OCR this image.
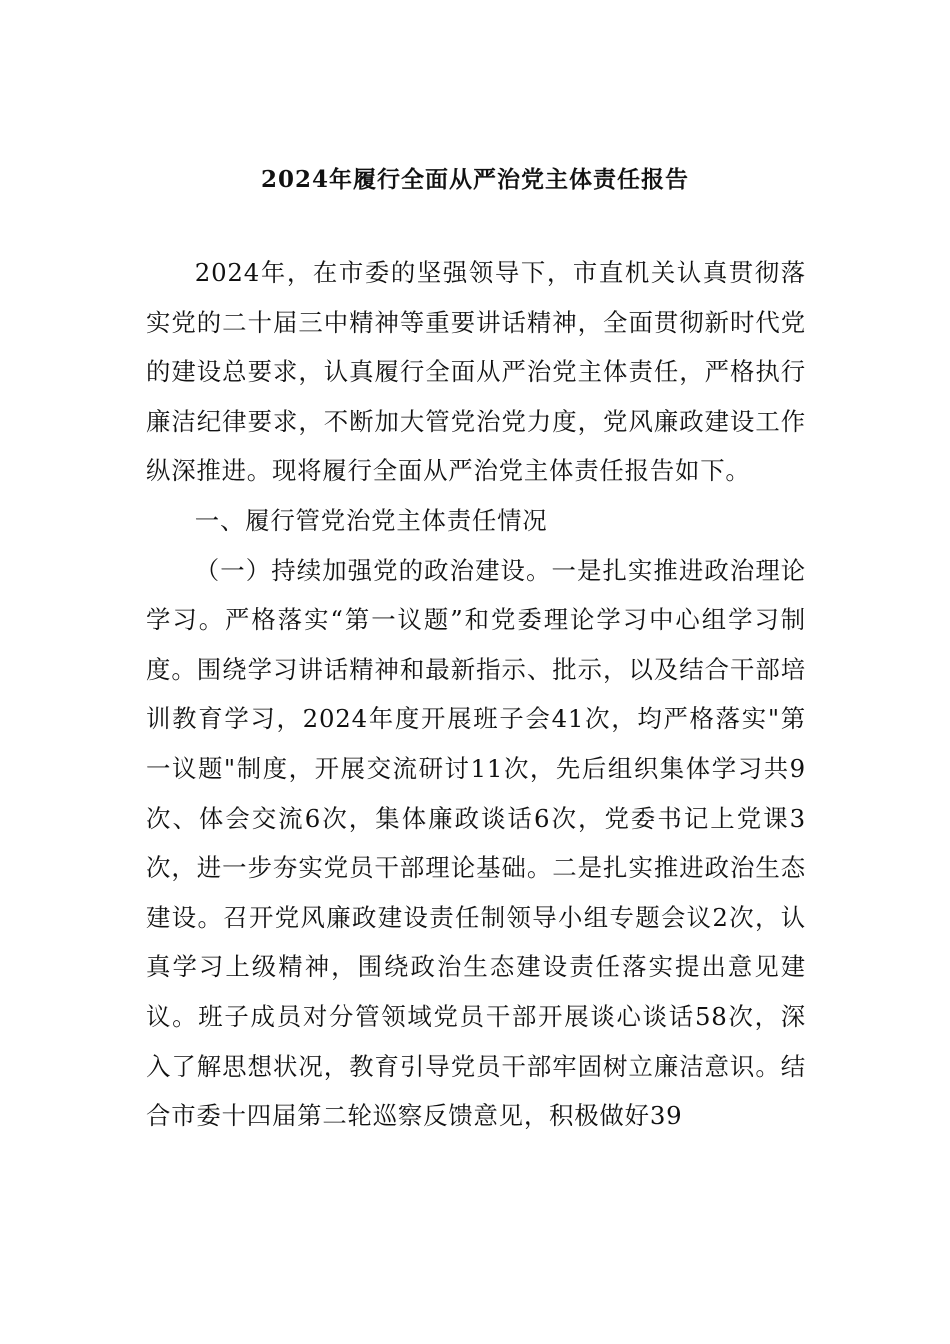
2024年履行全面从严治党主体责任报告

2024年，在市委的坚强领导下，市直机关认真贯彻落实党的二十届三中精神等重要讲话精神，全面贯彻新时代党的建设总要求，认真履行全面从严治党主体责任，严格执行廉洁纪律要求，不断加大管党治党力度，党风廉政建设工作纵深推进。现将履行全面从严治党主体责任报告如下。

一、履行管党治党主体责任情况

（一）持续加强党的政治建设。一是扎实推进政治理论学习。严格落实“第一议题”和党委理论学习中心组学习制度。围绕学习讲话精神和最新指示、批示，以及结合干部培训教育学习，2024年度开展班子会41次，均严格落实"第一议题"制度，开展交流研讨11次，先后组织集体学习共9次、体会交流6次，集体廉政谈话6次，党委书记上党课3次，进一步夯实党员干部理论基础。二是扎实推进政治生态建设。召开党风廉政建设责任制领导小组专题会议2次，认真学习上级精神，围绕政治生态建设责任落实提出意见建议。班子成员对分管领域党员干部开展谈心谈话58次，深入了解思想状况，教育引导党员干部牢固树立廉洁意识。结合市委十四届第二轮巡察反馈意见，积极做好39
